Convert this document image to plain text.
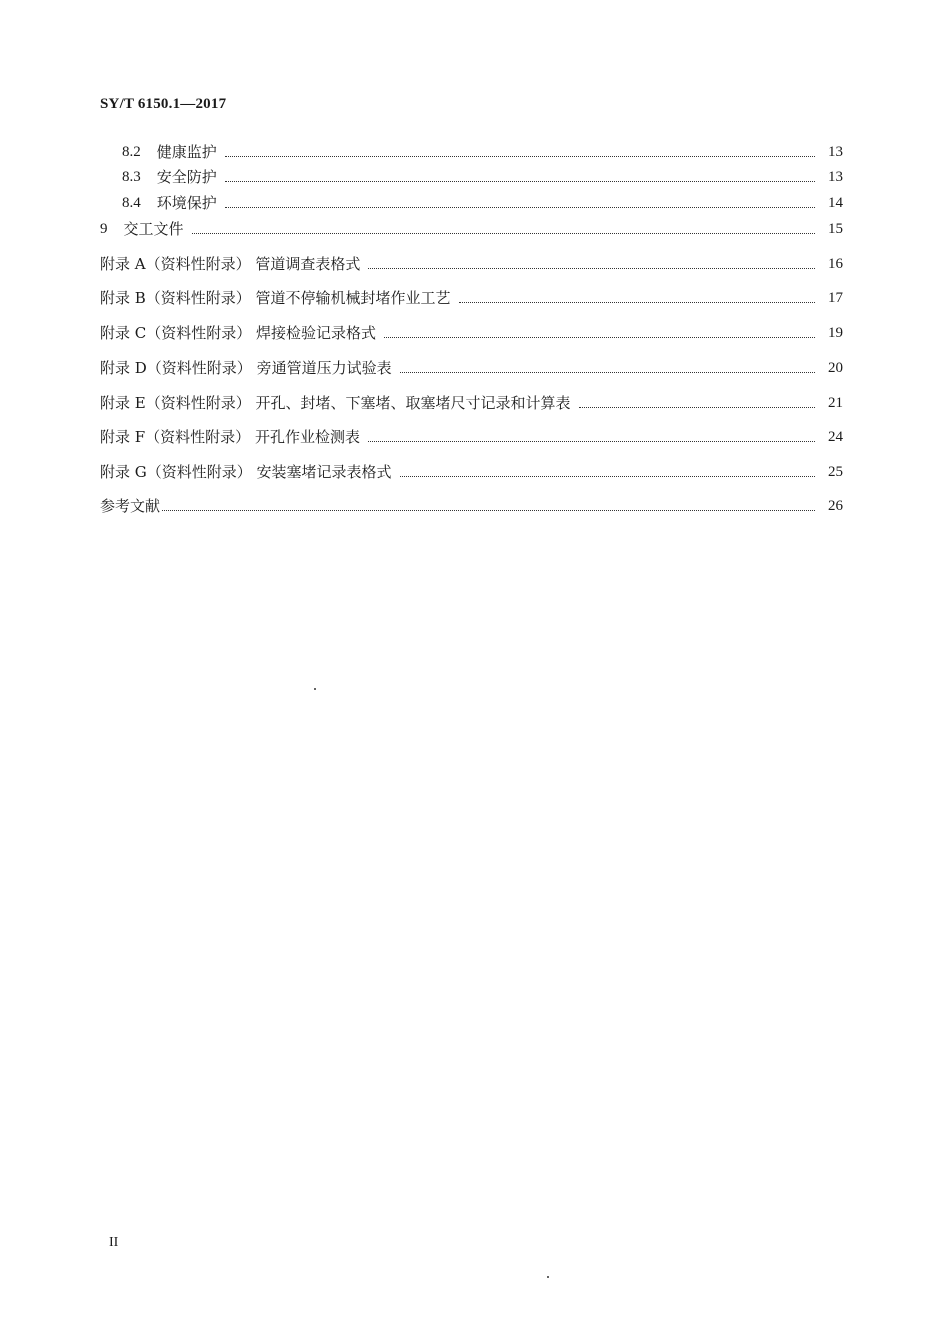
SY/T 6150.1—2017
8.2 健康监护	13
8.3 安全防护	13
8.4 环境保护	14
9 交工文件	15
附录 A（资料性附录） 管道调查表格式	16
附录 B（资料性附录） 管道不停输机械封堵作业工艺	17
附录 C（资料性附录） 焊接检验记录格式	19
附录 D（资料性附录） 旁通管道压力试验表	20
附录 E（资料性附录） 开孔、封堵、下塞堵、取塞堵尺寸记录和计算表	21
附录 F（资料性附录） 开孔作业检测表	24
附录 G（资料性附录） 安装塞堵记录表格式	25
参考文献	26
II
